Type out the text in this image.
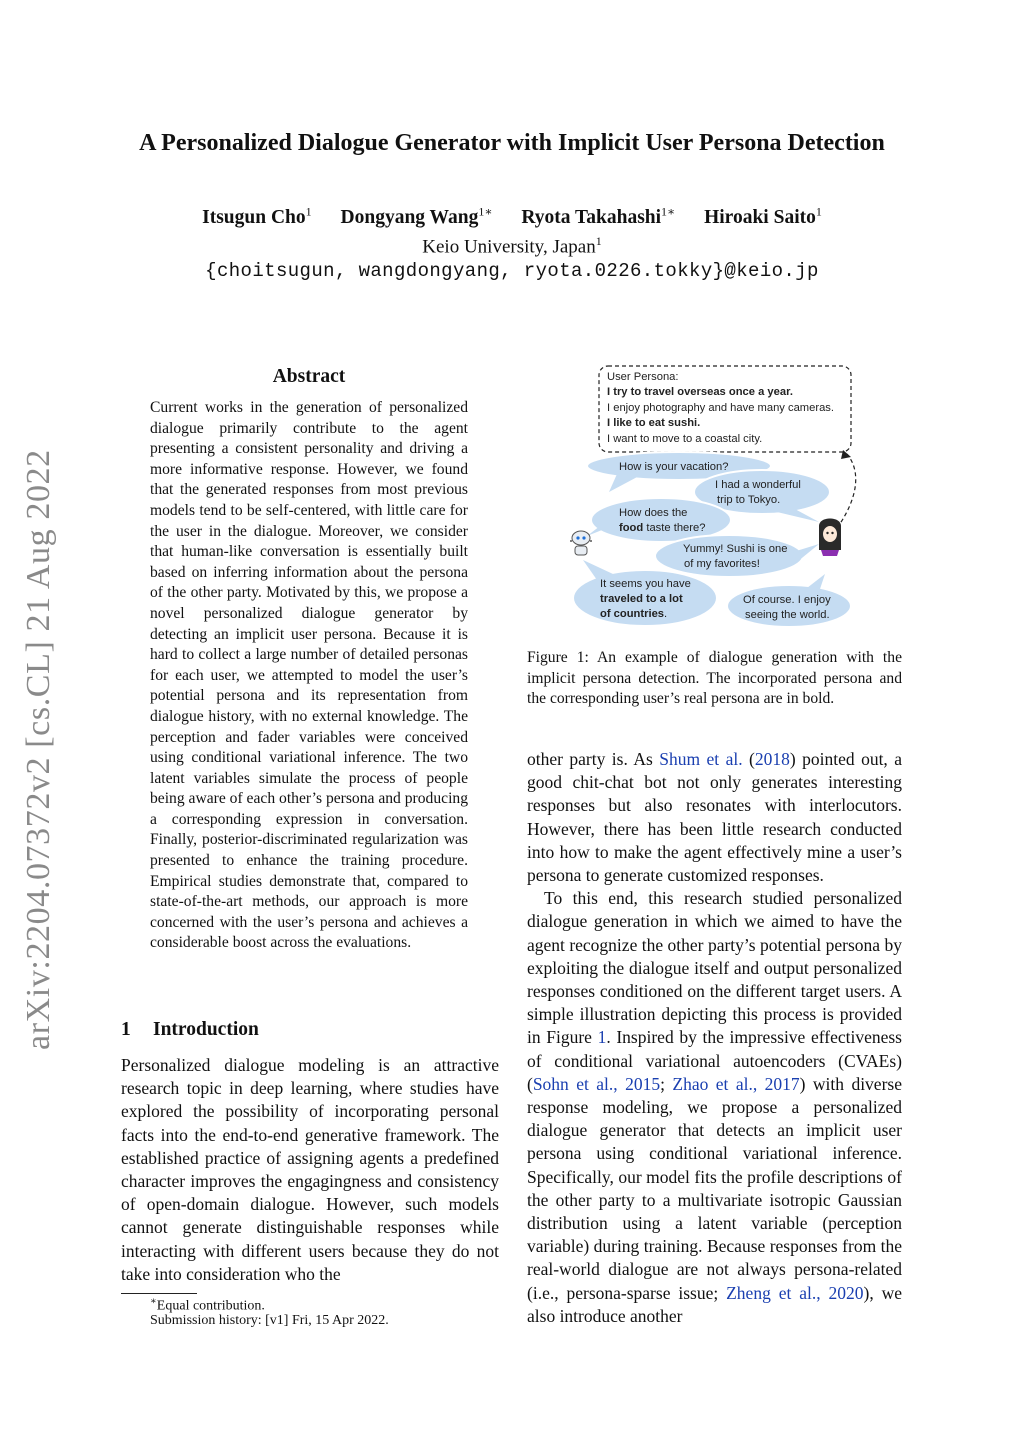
arXiv:2204.07372v2 [cs.CL] 21 Aug 2022
A Personalized Dialogue Generator with Implicit User Persona Detection
Itsugun Cho$^1$ Dongyang Wang$^{1∗}$ Ryota Takahashi$^{1∗}$ Hiroaki Saito$^1$
Keio University, Japan$^1$
{choitsugun, wangdongyang, ryota.0226.tokky}@keio.jp
Abstract
Current works in the generation of personalized dialogue primarily contribute to the agent presenting a consistent personality and driving a more informative response. However, we found that the generated responses from most previous models tend to be self-centered, with little care for the user in the dialogue. Moreover, we consider that human-like conversation is essentially built based on inferring information about the persona of the other party. Motivated by this, we propose a novel personalized dialogue generator by detecting an implicit user persona. Because it is hard to collect a large number of detailed personas for each user, we attempted to model the user’s potential persona and its representation from dialogue history, with no external knowledge. The perception and fader variables were conceived using conditional variational inference. The two latent variables simulate the process of people being aware of each other’s persona and producing a corresponding expression in conversation. Finally, posterior-discriminated regularization was presented to enhance the training procedure. Empirical studies demonstrate that, compared to state-of-the-art methods, our approach is more concerned with the user’s persona and achieves a considerable boost across the evaluations.
1 Introduction
Personalized dialogue modeling is an attractive research topic in deep learning, where studies have explored the possibility of incorporating personal facts into the end-to-end generative framework. The established practice of assigning agents a predefined character improves the engagingness and consistency of open-domain dialogue. However, such models cannot generate distinguishable responses while interacting with different users because they do not take into consideration who the
∗Equal contribution.
Submission history: [v1] Fri, 15 Apr 2022.
User Persona:
I try to travel overseas once a year.
I enjoy photography and have many cameras.
I like to eat sushi.
I want to move to a coastal city.
How is your vacation?
I had a wonderful
trip to Tokyo.
How does the
food taste there?
Yummy! Sushi is one
of my favorites!
It seems you have
traveled to a lot
of countries.
Of course. I enjoy
seeing the world.
Figure 1: An example of dialogue generation with the implicit persona detection. The incorporated persona and the corresponding user’s real persona are in bold.

other party is. As Shum et al. (2018) pointed out, a good chit-chat bot not only generates interesting responses but also resonates with interlocutors. However, there has been little research conducted into how to make the agent effectively mine a user’s persona to generate customized responses.

To this end, this research studied personalized dialogue generation in which we aimed to have the agent recognize the other party’s potential persona by exploiting the dialogue itself and output personalized responses conditioned on the different target users. A simple illustration depicting this process is provided in Figure 1. Inspired by the impressive effectiveness of conditional variational autoencoders (CVAEs) (Sohn et al., 2015; Zhao et al., 2017) with diverse response modeling, we propose a personalized dialogue generator that detects an implicit user persona using conditional variational inference. Specifically, our model fits the profile descriptions of the other party to a multivariate isotropic Gaussian distribution using a latent variable (perception variable) during training. Because responses from the real-world dialogue are not always persona-related (i.e., persona-sparse issue; Zheng et al., 2020), we also introduce another
